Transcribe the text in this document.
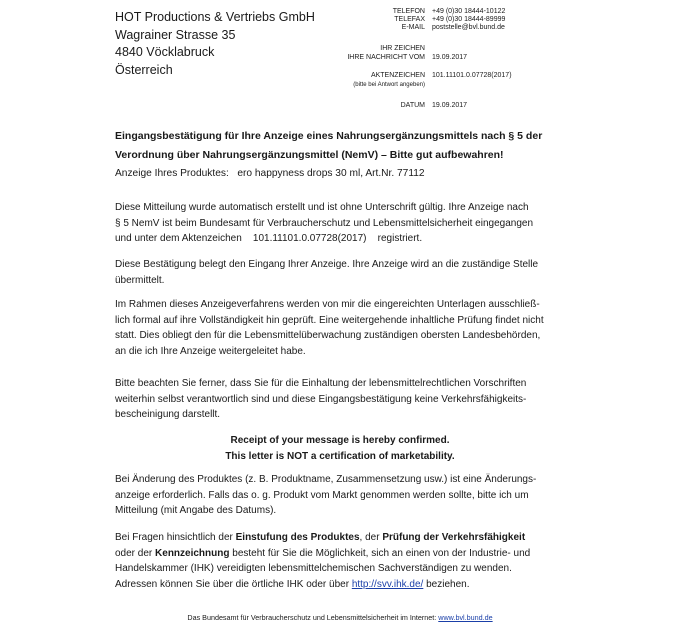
HOT Productions & Vertriebs GmbH
Wagrainer Strasse 35
4840 Vöcklabruck
Österreich
TELEFON +49 (0)30 18444-10122
TELEFAX +49 (0)30 18444-89999
E-MAIL poststelle@bvl.bund.de
IHR ZEICHEN
IHRE NACHRICHT VOM 19.09.2017
AKTENZEICHEN 101.11101.0.07728(2017)
(bitte bei Antwort angeben)
DATUM 19.09.2017
Eingangsbestätigung für Ihre Anzeige eines Nahrungsergänzungsmittels nach § 5 der
Verordnung über Nahrungsergänzungsmittel (NemV) – Bitte gut aufbewahren!
Anzeige Ihres Produktes: ero happyness drops 30 ml, Art.Nr. 77112
Diese Mitteilung wurde automatisch erstellt und ist ohne Unterschrift gültig. Ihre Anzeige nach
§ 5 NemV ist beim Bundesamt für Verbraucherschutz und Lebensmittelsicherheit eingegangen
und unter dem Aktenzeichen 101.11101.0.07728(2017) registriert.
Diese Bestätigung belegt den Eingang Ihrer Anzeige. Ihre Anzeige wird an die zuständige Stelle
übermittelt.
Im Rahmen dieses Anzeigeverfahrens werden von mir die eingereichten Unterlagen ausschließ-
lich formal auf ihre Vollständigkeit hin geprüft. Eine weitergehende inhaltliche Prüfung findet nicht
statt. Dies obliegt den für die Lebensmittelüberwachung zuständigen obersten Landesbehörden,
an die ich Ihre Anzeige weitergeleitet habe.
Bitte beachten Sie ferner, dass Sie für die Einhaltung der lebensmittelrechtlichen Vorschriften
weiterhin selbst verantwortlich sind und diese Eingangsbestätigung keine Verkehrsfähigkeits-
bescheinigung darstellt.
Receipt of your message is hereby confirmed.
This letter is NOT a certification of marketability.
Bei Änderung des Produktes (z. B. Produktname, Zusammensetzung usw.) ist eine Änderungs-
anzeige erforderlich. Falls das o. g. Produkt vom Markt genommen werden sollte, bitte ich um
Mitteilung (mit Angabe des Datums).
Bei Fragen hinsichtlich der Einstufung des Produktes, der Prüfung der Verkehrsfähigkeit
oder der Kennzeichnung besteht für Sie die Möglichkeit, sich an einen von der Industrie- und
Handelskammer (IHK) vereidigten lebensmittelchemischen Sachverständigen zu wenden.
Adressen können Sie über die örtliche IHK oder über http://svv.ihk.de/ beziehen.
Das Bundesamt für Verbraucherschutz und Lebensmittelsicherheit im Internet: www.bvl.bund.de
